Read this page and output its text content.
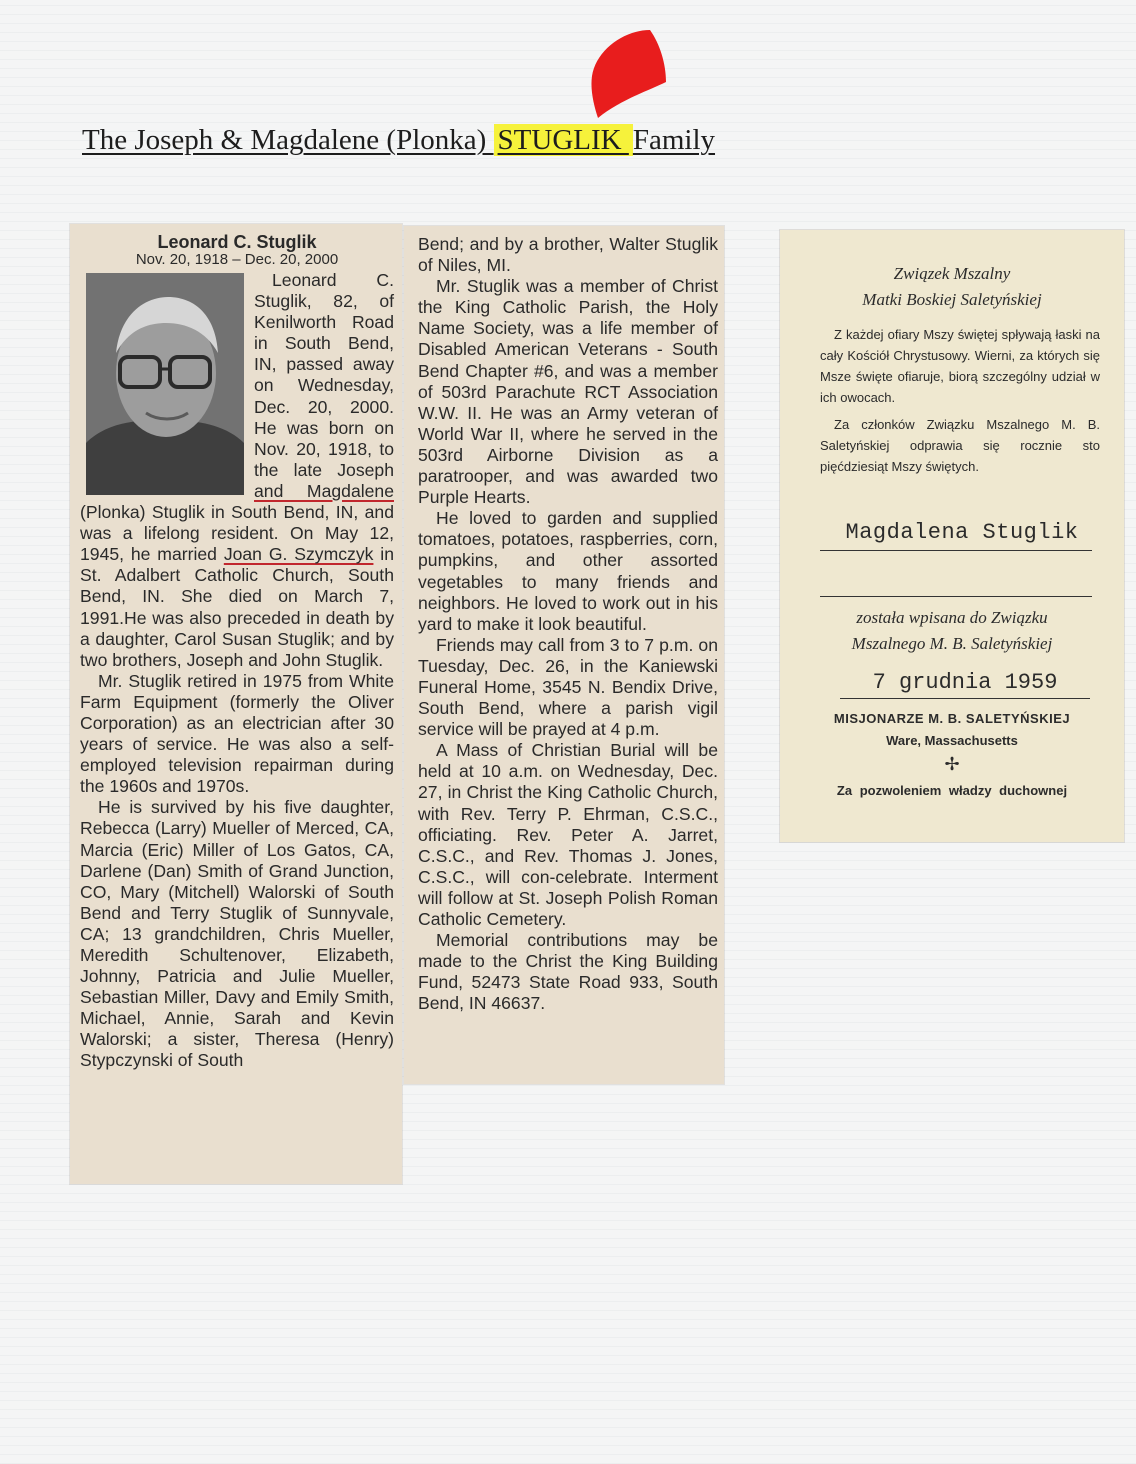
The Joseph & Magdalene (Plonka) STUGLIK Family
Leonard C. Stuglik
Nov. 20, 1918 – Dec. 20, 2000

Leonard C. Stuglik, 82, of Kenilworth Road in South Bend, IN, passed away on Wednesday, Dec. 20, 2000. He was born on Nov. 20, 1918, to the late Joseph and Magdalene (Plonka) Stuglik in South Bend, IN, and was a lifelong resident. On May 12, 1945, he married Joan G. Szymczyk in St. Adalbert Catholic Church, South Bend, IN. She died on March 7, 1991.He was also preceded in death by a daughter, Carol Susan Stuglik; and by two brothers, Joseph and John Stuglik.

Mr. Stuglik retired in 1975 from White Farm Equipment (formerly the Oliver Corporation) as an electrician after 30 years of service. He was also a self-employed television repairman during the 1960s and 1970s.

He is survived by his five daughter, Rebecca (Larry) Mueller of Merced, CA, Marcia (Eric) Miller of Los Gatos, CA, Darlene (Dan) Smith of Grand Junction, CO, Mary (Mitchell) Walorski of South Bend and Terry Stuglik of Sunnyvale, CA; 13 grandchildren, Chris Mueller, Meredith Schultenover, Elizabeth, Johnny, Patricia and Julie Mueller, Sebastian Miller, Davy and Emily Smith, Michael, Annie, Sarah and Kevin Walorski; a sister, Theresa (Henry) Stypczynski of South

Bend; and by a brother, Walter Stuglik of Niles, MI.

Mr. Stuglik was a member of Christ the King Catholic Parish, the Holy Name Society, was a life member of Disabled American Veterans - South Bend Chapter #6, and was a member of 503rd Parachute RCT Association W.W. II. He was an Army veteran of World War II, where he served in the 503rd Airborne Division as a paratrooper, and was awarded two Purple Hearts.

He loved to garden and supplied tomatoes, potatoes, raspberries, corn, pumpkins, and other assorted vegetables to many friends and neighbors. He loved to work out in his yard to make it look beautiful.

Friends may call from 3 to 7 p.m. on Tuesday, Dec. 26, in the Kaniewski Funeral Home, 3545 N. Bendix Drive, South Bend, where a parish vigil service will be prayed at 4 p.m.

A Mass of Christian Burial will be held at 10 a.m. on Wednesday, Dec. 27, in Christ the King Catholic Church, with Rev. Terry P. Ehrman, C.S.C., officiating. Rev. Peter A. Jarret, C.S.C., and Rev. Thomas J. Jones, C.S.C., will con-celebrate. Interment will follow at St. Joseph Polish Roman Catholic Cemetery.

Memorial contributions may be made to the Christ the King Building Fund, 52473 State Road 933, South Bend, IN 46637.

Związek Mszalny
Matki Boskiej Saletyńskiej

Z każdej ofiary Mszy świętej spływają łaski na cały Kościół Chrystusowy. Wierni, za których się Msze święte ofiaruje, biorą szczególny udział w ich owocach.

Za członków Związku Mszalnego M. B. Saletyńskiej odprawia się rocznie sto pięćdziesiąt Mszy świętych.

Magdalena Stuglik
została wpisana do Związku
Mszalnego M. B. Saletyńskiej
7 grudnia 1959
MISJONARZE M. B. SALETYŃSKIEJ
Ware, Massachusetts
✢
Za pozwoleniem władzy duchownej
